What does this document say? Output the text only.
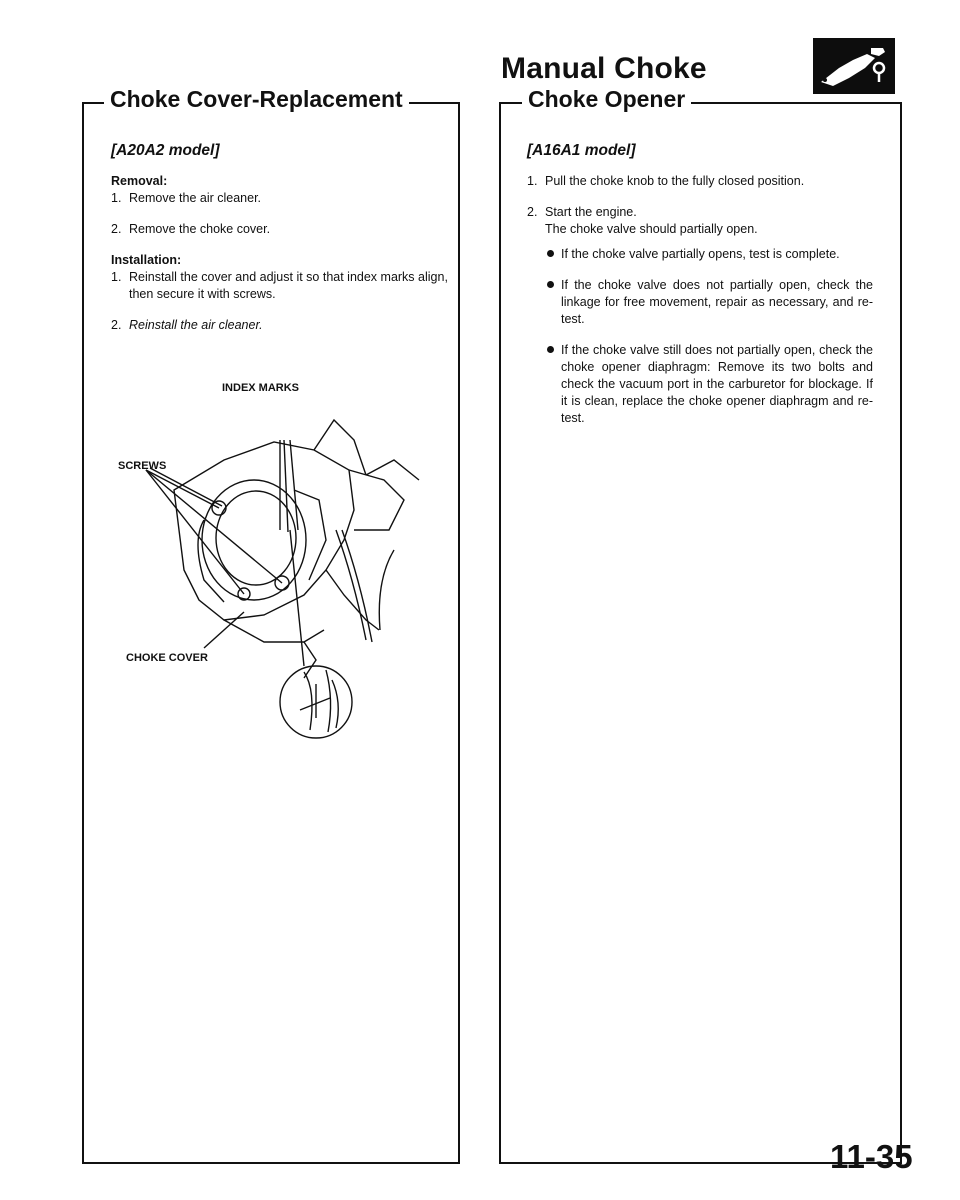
Manual Choke
Choke Cover-Replacement	Choke Opener
[A20A2 model]
Removal:
1. Remove the air cleaner.
2. Remove the choke cover.
Installation:
1. Reinstall the cover and adjust it so that index marks align, then secure it with screws.
2. Reinstall the air cleaner.
INDEX MARKS
SCREWS
CHOKE COVER
[A16A1 model]
1. Pull the choke knob to the fully closed position.
2. Start the engine.
The choke valve should partially open.
If the choke valve partially opens, test is complete.
If the choke valve does not partially open, check the linkage for free movement, repair as necessary, and re-test.
If the choke valve still does not partially open, check the choke opener diaphragm: Remove its two bolts and check the vacuum port in the carburetor for blockage. If it is clean, replace the choke opener diaphragm and re-test.
11-35
